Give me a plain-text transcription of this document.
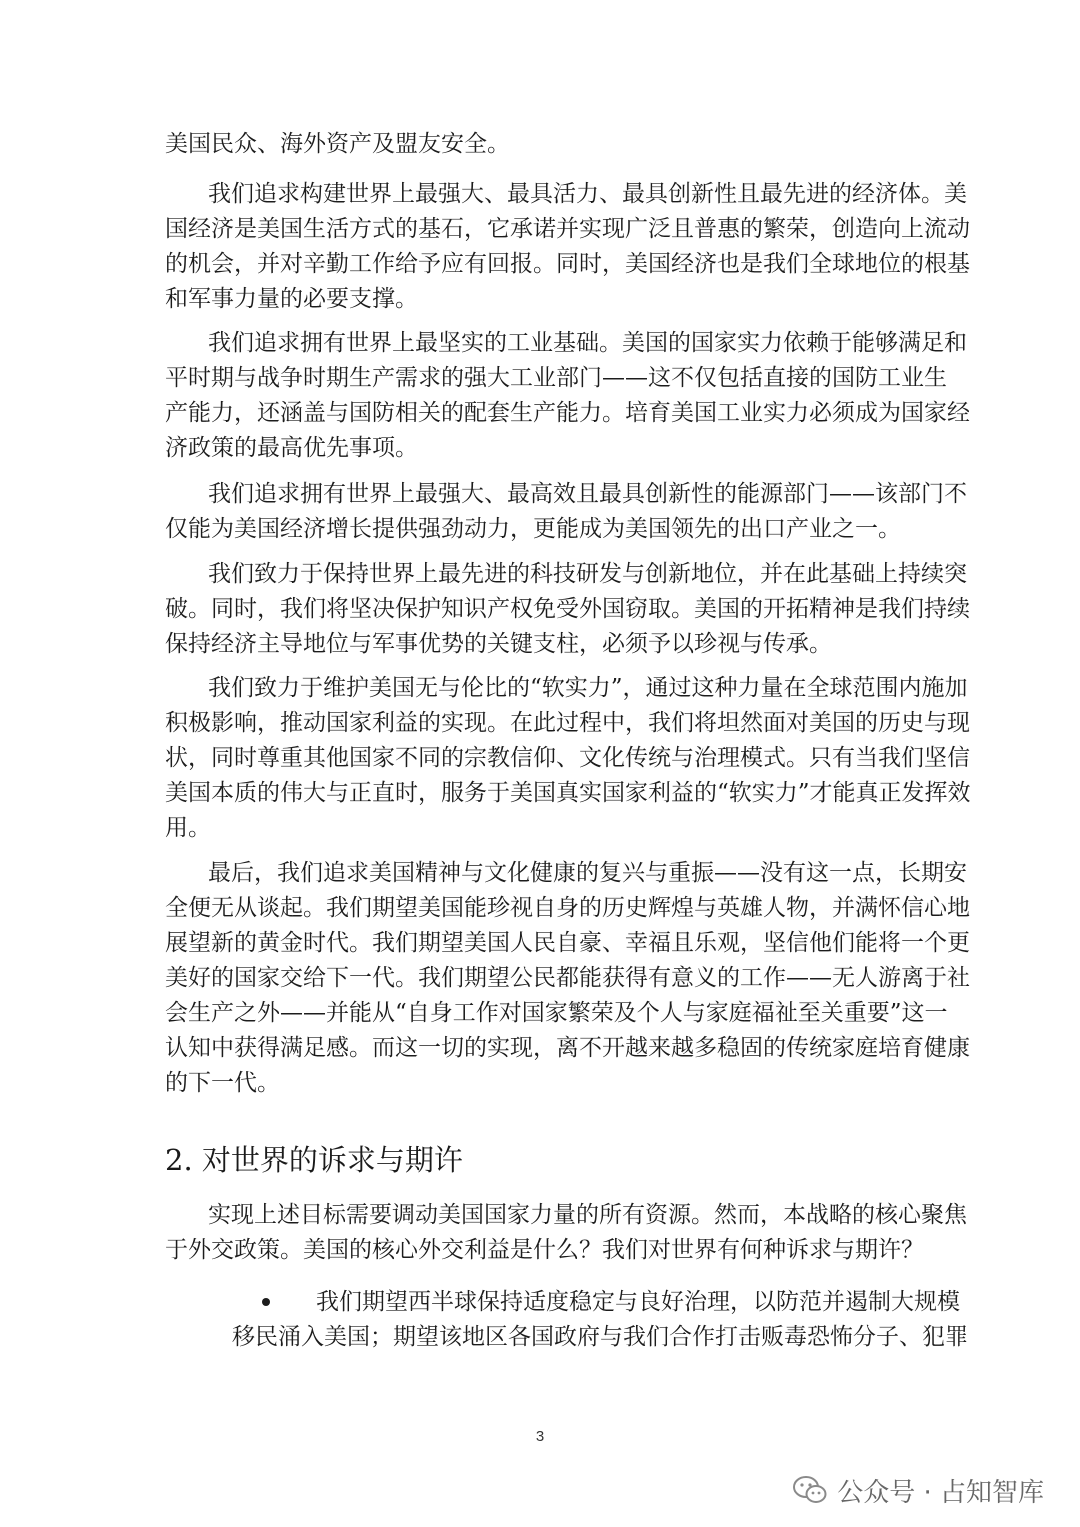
美国民众、海外资产及盟友安全。
我们追求构建世界上最强大、最具活力、最具创新性且最先进的经济体。美
国经济是美国生活方式的基石，它承诺并实现广泛且普惠的繁荣，创造向上流动
的机会，并对辛勤工作给予应有回报。同时，美国经济也是我们全球地位的根基
和军事力量的必要支撑。
我们追求拥有世界上最坚实的工业基础。美国的国家实力依赖于能够满足和
平时期与战争时期生产需求的强大工业部门——这不仅包括直接的国防工业生
产能力，还涵盖与国防相关的配套生产能力。培育美国工业实力必须成为国家经
济政策的最高优先事项。
我们追求拥有世界上最强大、最高效且最具创新性的能源部门——该部门不
仅能为美国经济增长提供强劲动力，更能成为美国领先的出口产业之一。
我们致力于保持世界上最先进的科技研发与创新地位，并在此基础上持续突
破。同时，我们将坚决保护知识产权免受外国窃取。美国的开拓精神是我们持续
保持经济主导地位与军事优势的关键支柱，必须予以珍视与传承。
我们致力于维护美国无与伦比的“软实力”，通过这种力量在全球范围内施加
积极影响，推动国家利益的实现。在此过程中，我们将坦然面对美国的历史与现
状，同时尊重其他国家不同的宗教信仰、文化传统与治理模式。只有当我们坚信
美国本质的伟大与正直时，服务于美国真实国家利益的“软实力”才能真正发挥效
用。
最后，我们追求美国精神与文化健康的复兴与重振——没有这一点，长期安
全便无从谈起。我们期望美国能珍视自身的历史辉煌与英雄人物，并满怀信心地
展望新的黄金时代。我们期望美国人民自豪、幸福且乐观，坚信他们能将一个更
美好的国家交给下一代。我们期望公民都能获得有意义的工作——无人游离于社
会生产之外——并能从“自身工作对国家繁荣及个人与家庭福祉至关重要”这一
认知中获得满足感。而这一切的实现，离不开越来越多稳固的传统家庭培育健康
的下一代。
2. 对世界的诉求与期许
实现上述目标需要调动美国国家力量的所有资源。然而，本战略的核心聚焦
于外交政策。美国的核心外交利益是什么？我们对世界有何种诉求与期许？
我们期望西半球保持适度稳定与良好治理，以防范并遏制大规模
移民涌入美国；期望该地区各国政府与我们合作打击贩毒恐怖分子、犯罪
3
公众号 · 占知智库
